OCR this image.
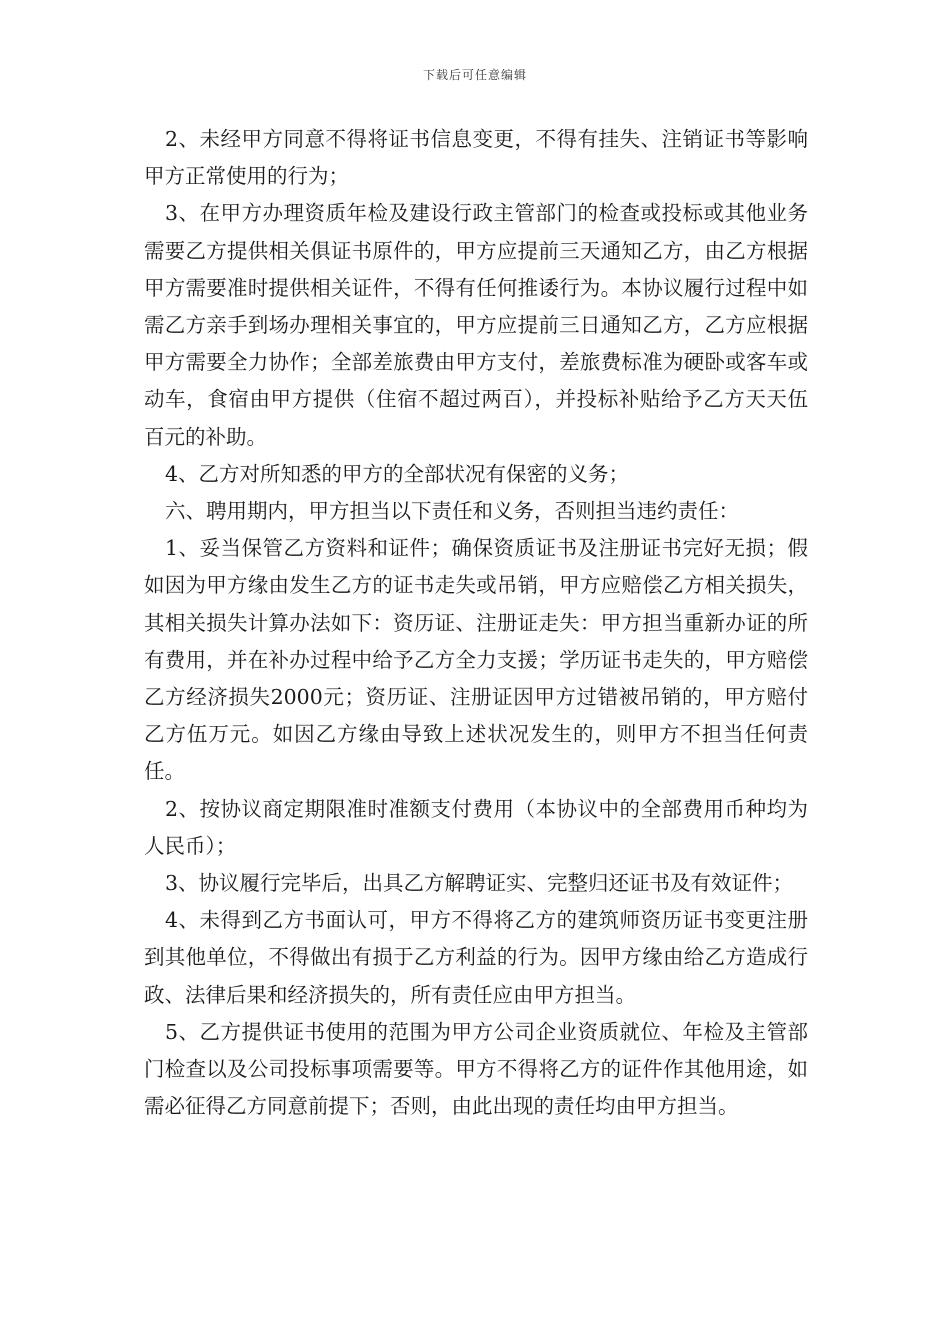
下载后可任意编辑

2、未经甲方同意不得将证书信息变更，不得有挂失、注销证书等影响甲方正常使用的行为；

3、在甲方办理资质年检及建设行政主管部门的检查或投标或其他业务需要乙方提供相关俱证书原件的，甲方应提前三天通知乙方，由乙方根据甲方需要准时提供相关证件，不得有任何推诿行为。本协议履行过程中如需乙方亲手到场办理相关事宜的，甲方应提前三日通知乙方，乙方应根据甲方需要全力协作；全部差旅费由甲方支付，差旅费标准为硬卧或客车或动车，食宿由甲方提供（住宿不超过两百），并投标补贴给予乙方天天伍百元的补助。

4、乙方对所知悉的甲方的全部状况有保密的义务；

六、聘用期内，甲方担当以下责任和义务，否则担当违约责任：

1、妥当保管乙方资料和证件；确保资质证书及注册证书完好无损；假如因为甲方缘由发生乙方的证书走失或吊销，甲方应赔偿乙方相关损失，其相关损失计算办法如下：资历证、注册证走失：甲方担当重新办证的所有费用，并在补办过程中给予乙方全力支援；学历证书走失的，甲方赔偿乙方经济损失2000元；资历证、注册证因甲方过错被吊销的，甲方赔付乙方伍万元。如因乙方缘由导致上述状况发生的，则甲方不担当任何责任。

2、按协议商定期限准时准额支付费用（本协议中的全部费用币种均为人民币）；

3、协议履行完毕后，出具乙方解聘证实、完整归还证书及有效证件；

4、未得到乙方书面认可，甲方不得将乙方的建筑师资历证书变更注册到其他单位，不得做出有损于乙方利益的行为。因甲方缘由给乙方造成行政、法律后果和经济损失的，所有责任应由甲方担当。

5、乙方提供证书使用的范围为甲方公司企业资质就位、年检及主管部门检查以及公司投标事项需要等。甲方不得将乙方的证件作其他用途，如需必征得乙方同意前提下；否则，由此出现的责任均由甲方担当。
